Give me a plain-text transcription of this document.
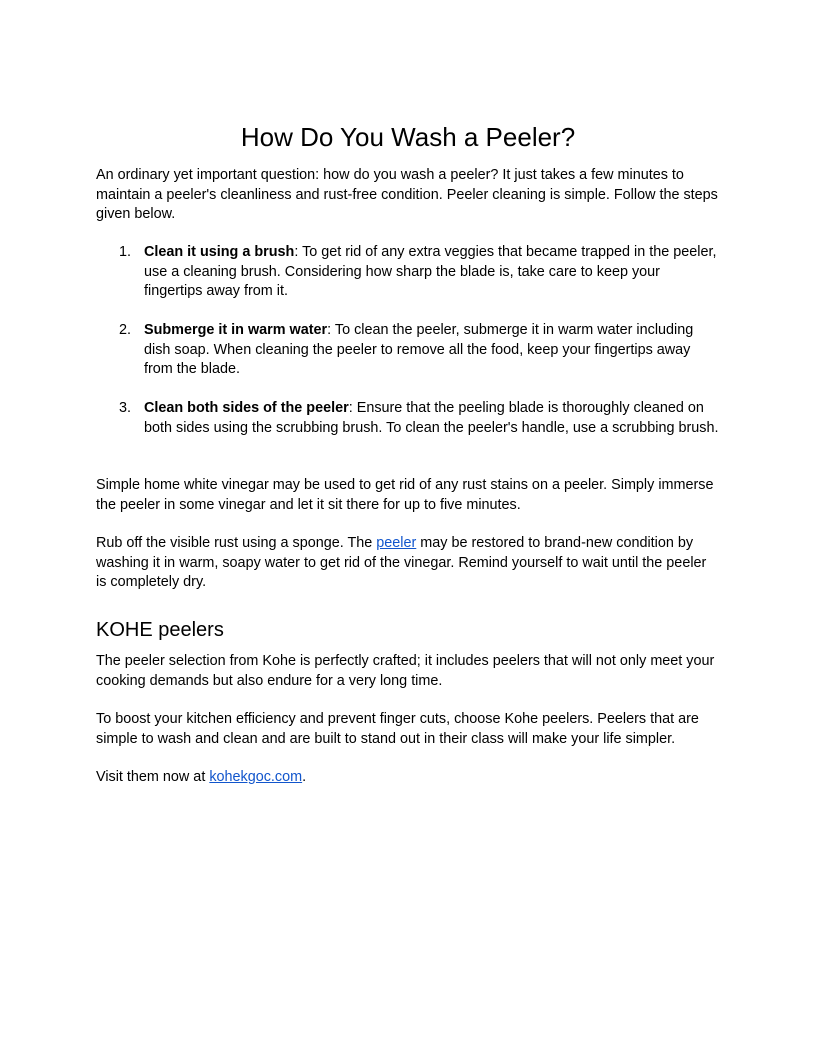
How Do You Wash a Peeler?

An ordinary yet important question: how do you wash a peeler? It just takes a few minutes to maintain a peeler's cleanliness and rust-free condition. Peeler cleaning is simple. Follow the steps given below.

1. Clean it using a brush: To get rid of any extra veggies that became trapped in the peeler, use a cleaning brush. Considering how sharp the blade is, take care to keep your fingertips away from it.
2. Submerge it in warm water: To clean the peeler, submerge it in warm water including dish soap. When cleaning the peeler to remove all the food, keep your fingertips away from the blade.
3. Clean both sides of the peeler: Ensure that the peeling blade is thoroughly cleaned on both sides using the scrubbing brush. To clean the peeler's handle, use a scrubbing brush.

Simple home white vinegar may be used to get rid of any rust stains on a peeler. Simply immerse the peeler in some vinegar and let it sit there for up to five minutes.

Rub off the visible rust using a sponge. The peeler may be restored to brand-new condition by washing it in warm, soapy water to get rid of the vinegar. Remind yourself to wait until the peeler is completely dry.

KOHE peelers

The peeler selection from Kohe is perfectly crafted; it includes peelers that will not only meet your cooking demands but also endure for a very long time.

To boost your kitchen efficiency and prevent finger cuts, choose Kohe peelers. Peelers that are simple to wash and clean and are built to stand out in their class will make your life simpler.

Visit them now at kohekgoc.com.
